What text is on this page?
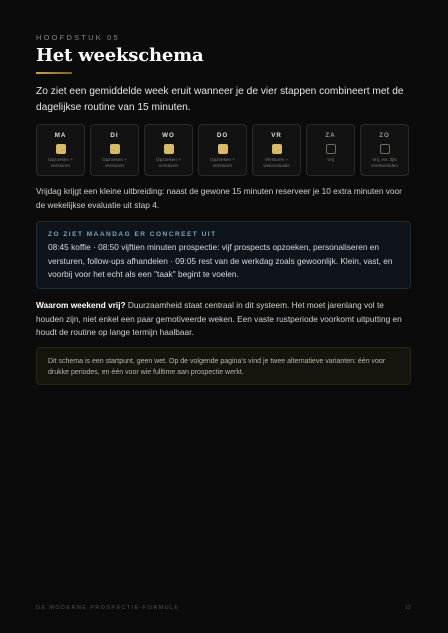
HOOFDSTUK 05
Het weekschema
Zo ziet een gemiddelde week eruit wanneer je de vier stappen combineert met de dagelijkse routine van 15 minuten.
MA
Opzoeken + versturen
DI
Opzoeken + versturen
WO
Opzoeken + versturen
DO
Opzoeken + versturen
VR
Versturen + wekevaluatie
ZA
Vrij
ZO
Vrij, evt. lijst voorbereiden
Vrijdag krijgt een kleine uitbreiding: naast de gewone 15 minuten reserveer je 10 extra minuten voor de wekelijkse evaluatie uit stap 4.
ZO ZIET MAANDAG ER CONCREET UIT
08:45 koffie · 08:50 vijftien minuten prospectie: vijf prospects opzoeken, personaliseren en versturen, follow-ups afhandelen · 09:05 rest van de werkdag zoals gewoonlijk. Klein, vast, en voorbij voor het echt als een "taak" begint te voelen.
Waarom weekend vrij? Duurzaamheid staat centraal in dit systeem. Het moet jarenlang vol te houden zijn, niet enkel een paar gemotiveerde weken. Een vaste rustperiode voorkomt uitputting en houdt de routine op lange termijn haalbaar.
Dit schema is een startpunt, geen wet. Op de volgende pagina's vind je twee alternatieve varianten: één voor drukke periodes, en één voor wie fulltime aan prospectie werkt.
DE MODERNE PROSPECTIE-FORMULE	12
